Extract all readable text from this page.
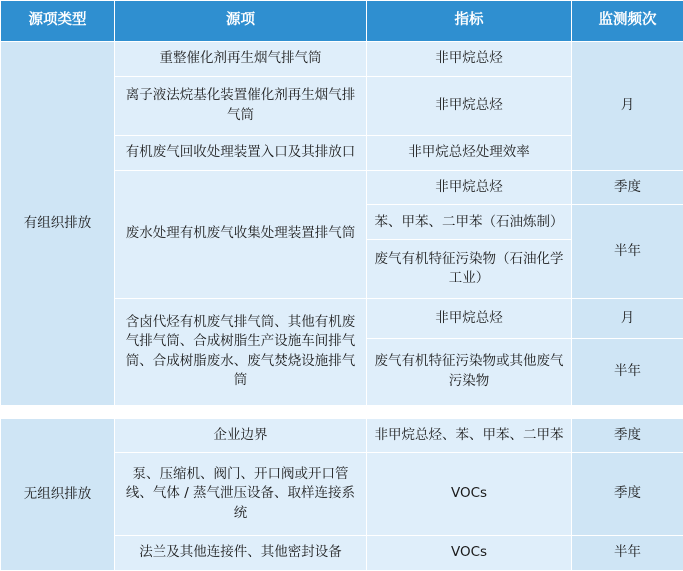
源项类型	源项	指标	监测频次
有组织排放	重整催化剂再生烟气排气筒	非甲烷总烃	月
	离子液法烷基化装置催化剂再生烟气排气筒	非甲烷总烃	
	有机废气回收处理装置入口及其排放口	非甲烷总烃处理效率	
	废水处理有机废气收集处理装置排气筒	非甲烷总烃	季度
		苯、甲苯、二甲苯（石油炼制）	半年
		废气有机特征污染物（石油化学工业）	
	含卤代烃有机废气排气筒、其他有机废气排气筒、合成树脂生产设施车间排气筒、合成树脂废水、废气焚烧设施排气筒	非甲烷总烃	月
		废气有机特征污染物或其他废气污染物	半年

无组织排放	企业边界	非甲烷总烃、苯、甲苯、二甲苯	季度
	泵、压缩机、阀门、开口阀或开口管线、气体 / 蒸气泄压设备、取样连接系统	VOCs	季度
	法兰及其他连接件、其他密封设备	VOCs	半年
